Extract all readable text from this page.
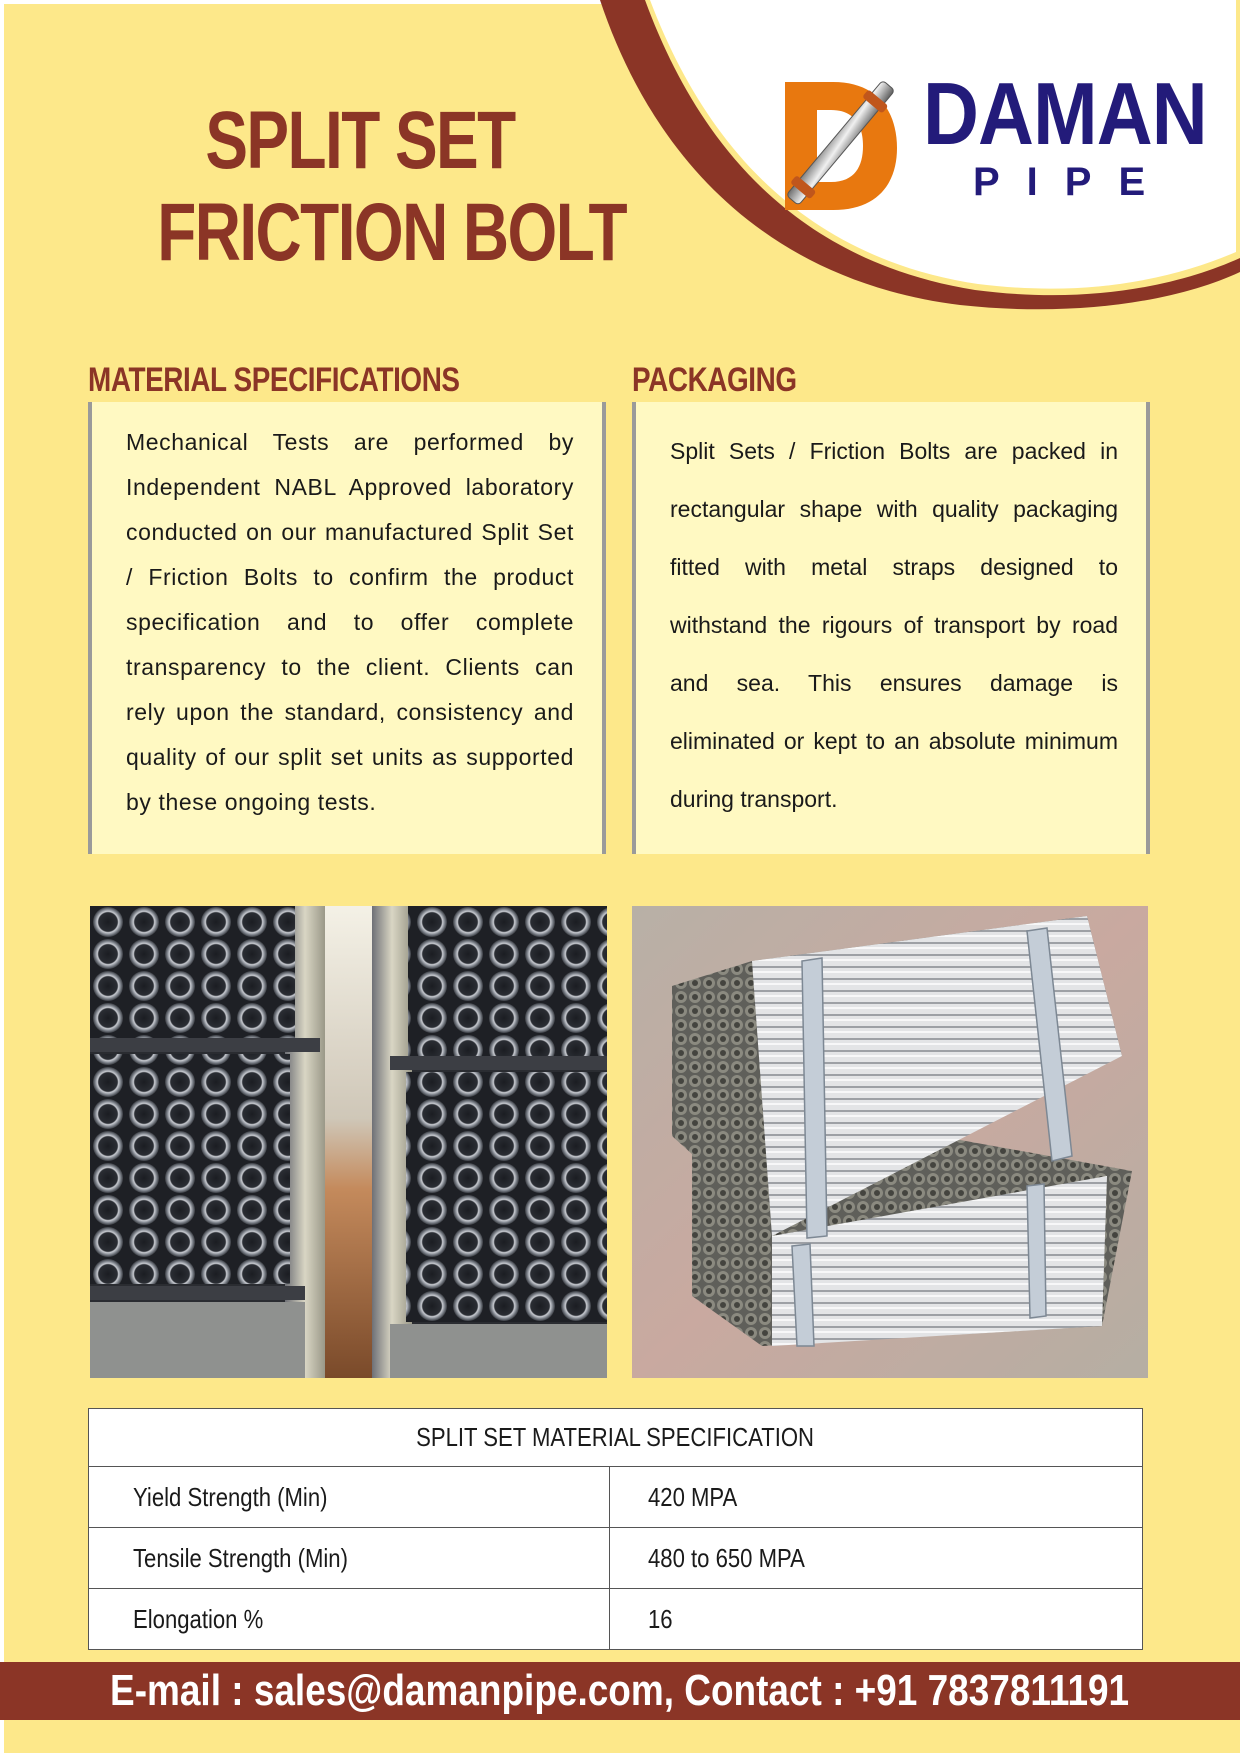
SPLIT SET
FRICTION BOLT
DAMAN
PIPE
MATERIAL SPECIFICATIONS
Mechanical Tests are performed by Independent NABL Approved laboratory conducted on our manufactured Split Set / Friction Bolts to confirm the product specification and to offer complete transparency to the client. Clients can rely upon the standard, consistency and quality of our split set units as supported by these ongoing tests.
PACKAGING
Split Sets / Friction Bolts are packed in rectangular shape with quality packaging fitted with metal straps designed to withstand the rigours of transport by road and sea. This ensures damage is eliminated or kept to an absolute minimum during transport.
SPLIT SET MATERIAL SPECIFICATION	
Yield Strength (Min)	420 MPA
Tensile Strength (Min)	480 to 650 MPA
Elongation %	16
E-mail : sales@damanpipe.com, Contact : +91 7837811191
